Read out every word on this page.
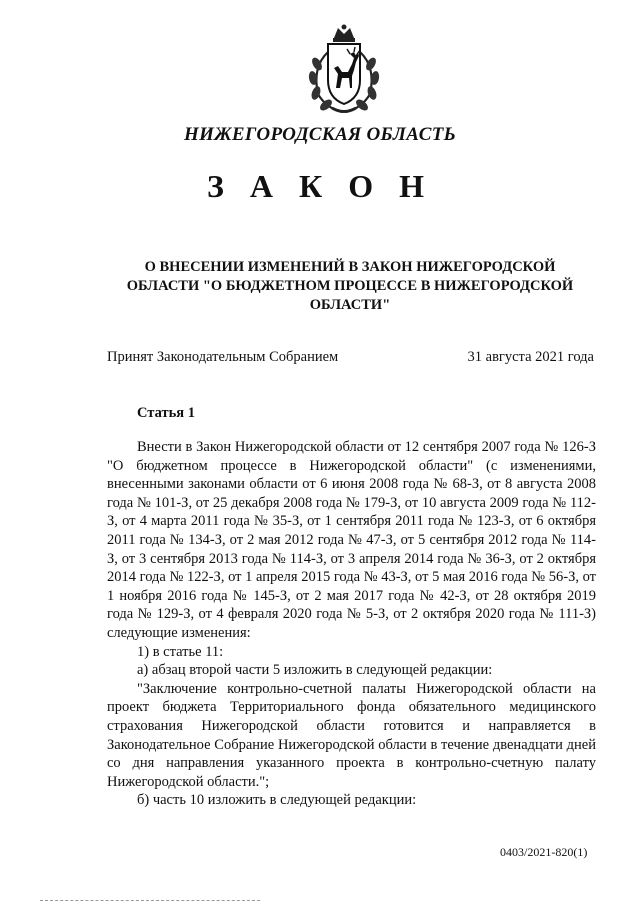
НИЖЕГОРОДСКАЯ ОБЛАСТЬ
З А К О Н
О ВНЕСЕНИИ ИЗМЕНЕНИЙ В ЗАКОН НИЖЕГОРОДСКОЙ
ОБЛАСТИ "О БЮДЖЕТНОМ ПРОЦЕССЕ В НИЖЕГОРОДСКОЙ
ОБЛАСТИ"
Принят Законодательным Собранием	31 августа 2021 года
Статья 1

Внести в Закон Нижегородской области от 12 сентября 2007 года № 126-З "О бюджетном процессе в Нижегородской области" (с изменениями, внесенными законами области от 6 июня 2008 года № 68-З, от 8 августа 2008 года № 101-З, от 25 декабря 2008 года № 179-З, от 10 августа 2009 года № 112-З, от 4 марта 2011 года № 35-З, от 1 сентября 2011 года № 123-З, от 6 октября 2011 года № 134-З, от 2 мая 2012 года № 47-З, от 5 сентября 2012 года № 114-З, от 3 сентября 2013 года № 114-З, от 3 апреля 2014 года № 36-З, от 2 октября 2014 года № 122-З, от 1 апреля 2015 года № 43-З, от 5 мая 2016 года № 56-З, от 1 ноября 2016 года № 145-З, от 2 мая 2017 года № 42-З, от 28 октября 2019 года № 129-З, от 4 февраля 2020 года № 5-З, от 2 октября 2020 года № 111-З) следующие изменения:

1) в статье 11:

а) абзац второй части 5 изложить в следующей редакции:

"Заключение контрольно-счетной палаты Нижегородской области на проект бюджета Территориального фонда обязательного медицинского страхования Нижегородской области готовится и направляется в Законодательное Собрание Нижегородской области в течение двенадцати дней со дня направления указанного проекта в контрольно-счетную палату Нижегородской области.";

б) часть 10 изложить в следующей редакции:

0403/2021-820(1)
